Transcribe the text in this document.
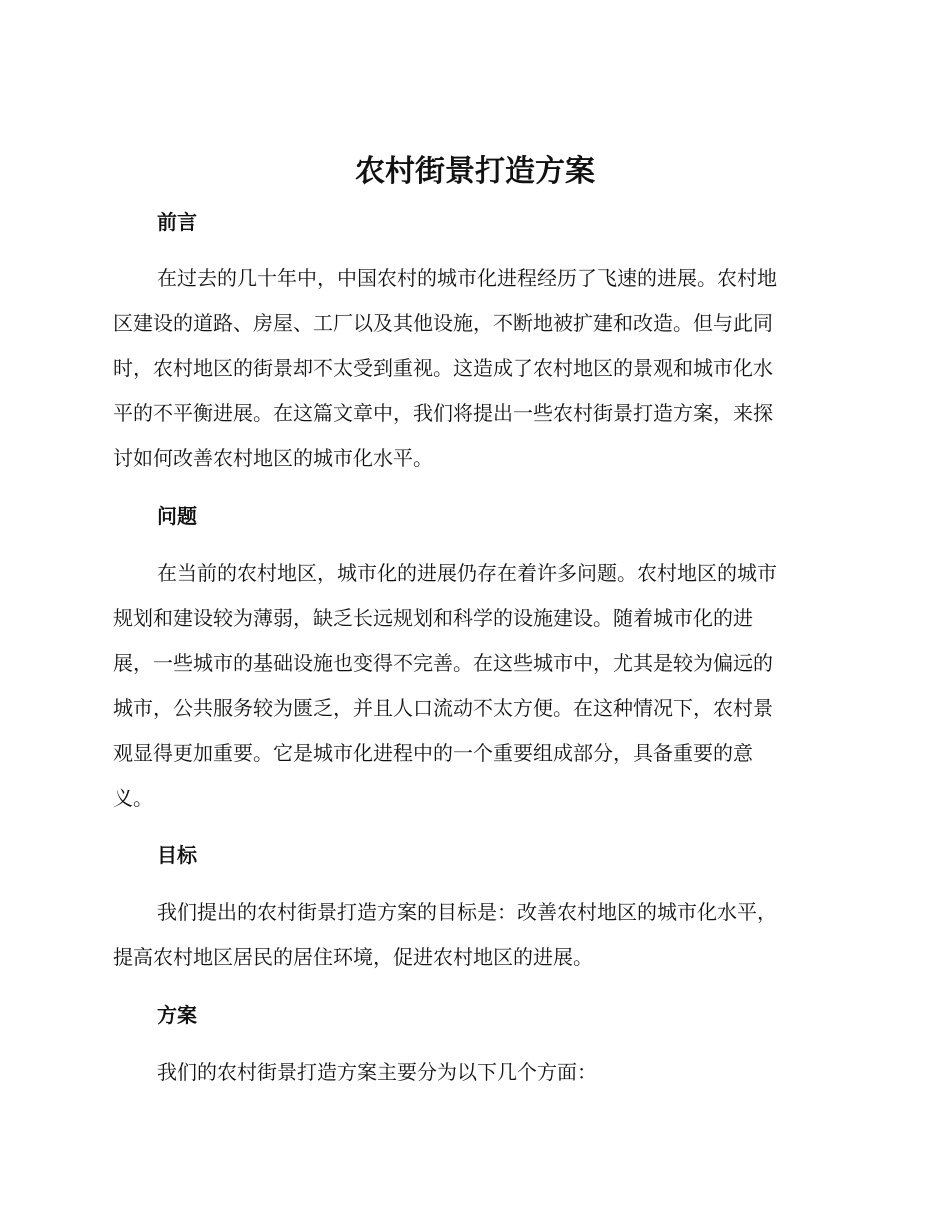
农村街景打造方案
前言

在过去的几十年中，中国农村的城市化进程经历了飞速的进展。农村地
区建设的道路、房屋、工厂以及其他设施，不断地被扩建和改造。但与此同
时，农村地区的街景却不太受到重视。这造成了农村地区的景观和城市化水
平的不平衡进展。在这篇文章中，我们将提出一些农村街景打造方案，来探
讨如何改善农村地区的城市化水平。

问题

在当前的农村地区，城市化的进展仍存在着许多问题。农村地区的城市
规划和建设较为薄弱，缺乏长远规划和科学的设施建设。随着城市化的进
展，一些城市的基础设施也变得不完善。在这些城市中，尤其是较为偏远的
城市，公共服务较为匮乏，并且人口流动不太方便。在这种情况下，农村景
观显得更加重要。它是城市化进程中的一个重要组成部分，具备重要的意
义。

目标

我们提出的农村街景打造方案的目标是：改善农村地区的城市化水平，
提高农村地区居民的居住环境，促进农村地区的进展。

方案

我们的农村街景打造方案主要分为以下几个方面：
